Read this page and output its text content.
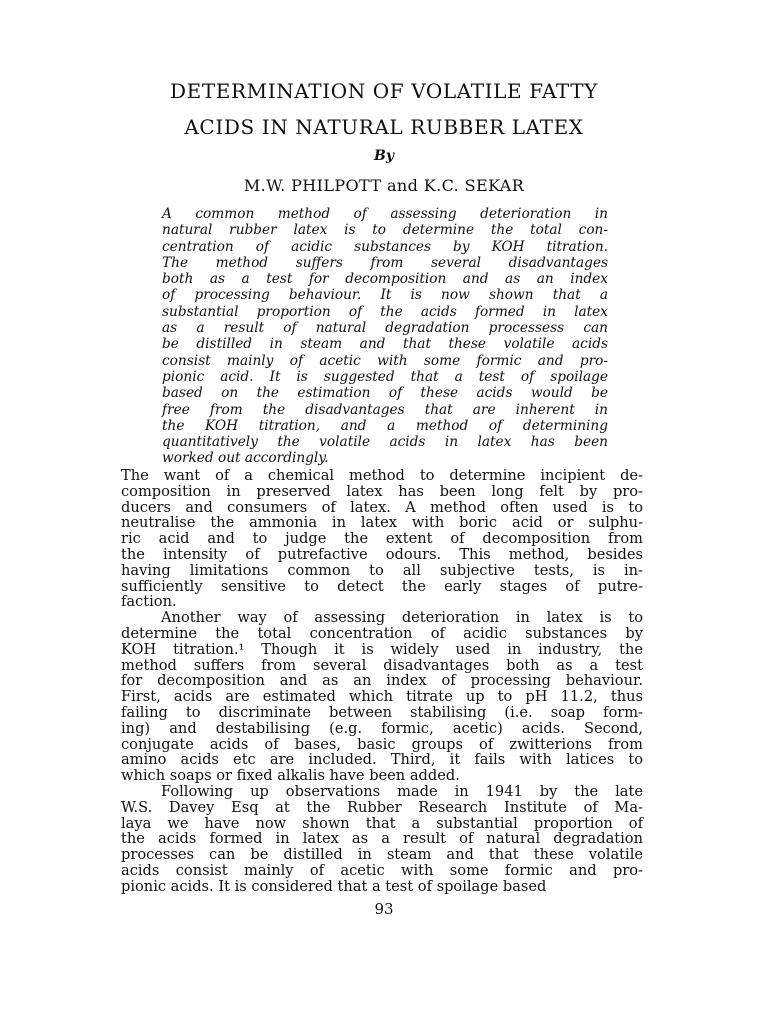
DETERMINATION OF VOLATILE FATTY
ACIDS IN NATURAL RUBBER LATEX
By
M.W. PHILPOTT and K.C. SEKAR
A common method of assessing deterioration in
natural rubber latex is to determine the total con-
centration of acidic substances by KOH titration.
The method suffers from several disadvantages
both as a test for decomposition and as an index
of processing behaviour. It is now shown that a
substantial proportion of the acids formed in latex
as a result of natural degradation processess can
be distilled in steam and that these volatile acids
consist mainly of acetic with some formic and pro-
pionic acid. It is suggested that a test of spoilage
based on the estimation of these acids would be
free from the disadvantages that are inherent in
the KOH titration, and a method of determining
quantitatively the volatile acids in latex has been
worked out accordingly.
The want of a chemical method to determine incipient de-
composition in preserved latex has been long felt by pro-
ducers and consumers of latex. A method often used is to
neutralise the ammonia in latex with boric acid or sulphu-
ric acid and to judge the extent of decomposition from
the intensity of putrefactive odours. This method, besides
having limitations common to all subjective tests, is in-
sufficiently sensitive to detect the early stages of putre-
faction.
Another way of assessing deterioration in latex is to
determine the total concentration of acidic substances by
KOH titration.¹ Though it is widely used in industry, the
method suffers from several disadvantages both as a test
for decomposition and as an index of processing behaviour.
First, acids are estimated which titrate up to pH 11.2, thus
failing to discriminate between stabilising (i.e. soap form-
ing) and destabilising (e.g. formic, acetic) acids. Second,
conjugate acids of bases, basic groups of zwitterions from
amino acids etc are included. Third, it fails with latices to
which soaps or fixed alkalis have been added.
Following up observations made in 1941 by the late
W.S. Davey Esq at the Rubber Research Institute of Ma-
laya we have now shown that a substantial proportion of
the acids formed in latex as a result of natural degradation
processes can be distilled in steam and that these volatile
acids consist mainly of acetic with some formic and pro-
pionic acids. It is considered that a test of spoilage based
93
